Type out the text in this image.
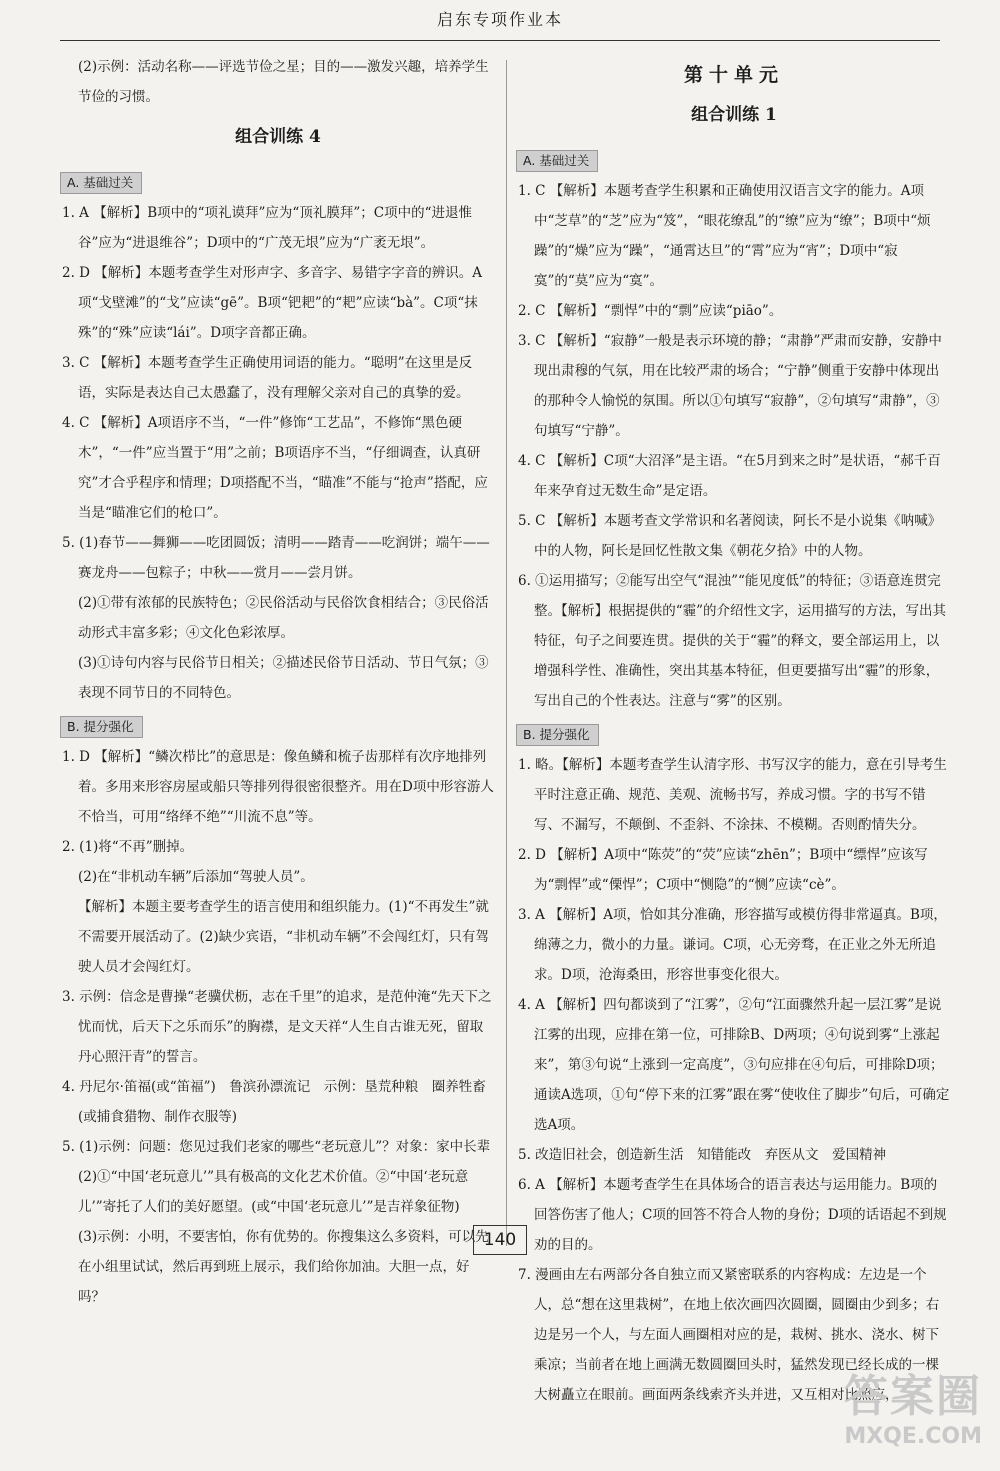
启东专项作业本
(2)示例：活动名称——评选节俭之星；目的——激发兴趣，培养学生节俭的习惯。
组合训练 4
A. 基础过关
1. A 【解析】B项中的“项礼谟拜”应为“顶礼膜拜”；C项中的“进退惟谷”应为“进退维谷”；D项中的“广茂无垠”应为“广袤无垠”。
2. D 【解析】本题考查学生对形声字、多音字、易错字字音的辨识。A项“戈壁滩”的“戈”应读“gē”。B项“钯耙”的“耙”应读“bà”。C项“抹殊”的“殊”应读“lái”。D项字音都正确。
3. C 【解析】本题考查学生正确使用词语的能力。“聪明”在这里是反语，实际是表达自己太愚蠢了，没有理解父亲对自己的真挚的爱。
4. C 【解析】A项语序不当，“一件”修饰“工艺品”，不修饰“黑色硬木”，“一件”应当置于“用”之前；B项语序不当，“仔细调查，认真研究”才合乎程序和情理；D项搭配不当，“瞄准”不能与“抢声”搭配，应当是“瞄准它们的枪口”。
5. (1)春节——舞狮——吃团圆饭；清明——踏青——吃润饼；端午——赛龙舟——包粽子；中秋——赏月——尝月饼。
(2)①带有浓郁的民族特色；②民俗活动与民俗饮食相结合；③民俗活动形式丰富多彩；④文化色彩浓厚。
(3)①诗句内容与民俗节日相关；②描述民俗节日活动、节日气氛；③表现不同节日的不同特色。
B. 提分强化
1. D 【解析】“鳞次栉比”的意思是：像鱼鳞和梳子齿那样有次序地排列着。多用来形容房屋或船只等排列得很密很整齐。用在D项中形容游人不恰当，可用“络绎不绝”“川流不息”等。
2. (1)将“不再”删掉。
(2)在“非机动车辆”后添加“驾驶人员”。
【解析】本题主要考查学生的语言使用和组织能力。(1)“不再发生”就不需要开展活动了。(2)缺少宾语，“非机动车辆”不会闯红灯，只有驾驶人员才会闯红灯。
3. 示例：信念是曹操“老骥伏枥，志在千里”的追求，是范仲淹“先天下之忧而忧，后天下之乐而乐”的胸襟，是文天祥“人生自古谁无死，留取丹心照汗青”的誓言。
4. 丹尼尔·笛福(或“笛福”)　鲁滨孙漂流记　示例：垦荒种粮　圈养牲畜(或捕食猎物、制作衣服等)
5. (1)示例：问题：您见过我们老家的哪些“老玩意儿”？对象：家中长辈
(2)①“中国‘老玩意儿’”具有极高的文化艺术价值。②“中国‘老玩意儿’”寄托了人们的美好愿望。(或“中国‘老玩意儿’”是吉祥象征物)
(3)示例：小明，不要害怕，你有优势的。你搜集这么多资料，可以先在小组里试试，然后再到班上展示，我们给你加油。大胆一点，好吗？
第十单元
组合训练 1
A. 基础过关
1. C 【解析】本题考查学生积累和正确使用汉语言文字的能力。A项中“芝草”的“芝”应为“笈”，“眼花缭乱”的“缭”应为“缭”；B项中“烦躁”的“燥”应为“躁”，“通霄达旦”的“霄”应为“宵”；D项中“寂寞”的“莫”应为“寞”。
2. C 【解析】“剽悍”中的“剽”应读“piāo”。
3. C 【解析】“寂静”一般是表示环境的静；“肃静”严肃而安静，安静中现出肃穆的气氛，用在比较严肃的场合；“宁静”侧重于安静中体现出的那种令人愉悦的氛围。所以①句填写“寂静”，②句填写“肃静”，③句填写“宁静”。
4. C 【解析】C项“大沼泽”是主语。“在5月到来之时”是状语，“郝千百年来孕育过无数生命”是定语。
5. C 【解析】本题考查文学常识和名著阅读，阿长不是小说集《呐喊》中的人物，阿长是回忆性散文集《朝花夕拾》中的人物。
6. ①运用描写；②能写出空气“混浊”“能见度低”的特征；③语意连贯完整。【解析】根据提供的“霾”的介绍性文字，运用描写的方法，写出其特征，句子之间要连贯。提供的关于“霾”的释文，要全部运用上，以增强科学性、准确性，突出其基本特征，但更要描写出“霾”的形象，写出自己的个性表达。注意与“雾”的区别。
B. 提分强化
1. 略。【解析】本题考查学生认清字形、书写汉字的能力，意在引导考生平时注意正确、规范、美观、流畅书写，养成习惯。字的书写不错写、不漏写，不颠倒、不歪斜、不涂抹、不模糊。否则酌情失分。
2. D 【解析】A项中“陈荧”的“荧”应读“zhēn”；B项中“缥悍”应该写为“剽悍”或“傈悍”；C项中“恻隐”的“恻”应读“cè”。
3. A 【解析】A项，恰如其分准确，形容描写或模仿得非常逼真。B项，绵薄之力，微小的力量。谦词。C项，心无旁骛，在正业之外无所追求。D项，沧海桑田，形容世事变化很大。
4. A 【解析】四句都谈到了“江雾”，②句“江面骤然升起一层江雾”是说江雾的出现，应排在第一位，可排除B、D两项；④句说到雾“上涨起来”，第③句说“上涨到一定高度”，③句应排在④句后，可排除D项；通读A选项，①句“停下来的江雾”跟在雾“使收住了脚步”句后，可确定选A项。
5. 改造旧社会，创造新生活　知错能改　弃医从文　爱国精神
6. A 【解析】本题考查学生在具体场合的语言表达与运用能力。B项的回答伤害了他人；C项的回答不符合人物的身份；D项的话语起不到规劝的目的。
7. 漫画由左右两部分各自独立而又紧密联系的内容构成：左边是一个人，总“想在这里栽树”，在地上依次画四次圆圈，圆圈由少到多；右边是另一个人，与左面人画圈相对应的是，栽树、挑水、浇水、树下乘凉；当前者在地上画满无数圆圈回头时，猛然发现已经长成的一棵大树矗立在眼前。画面两条线索齐头并进，又互相对比照应，
140
答案圈
MXQE.COM
